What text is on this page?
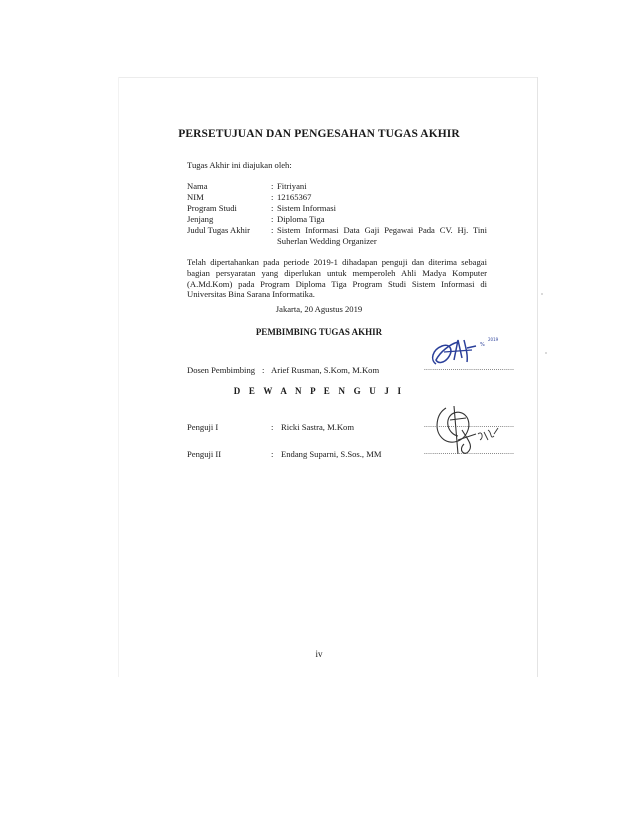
PERSETUJUAN DAN PENGESAHAN TUGAS AKHIR
Tugas Akhir ini diajukan oleh:
Nama	: Fitriyani
NIM	: 12165367
Program Studi	: Sistem Informasi
Jenjang	: Diploma Tiga
Judul Tugas Akhir : Sistem Informasi Data Gaji Pegawai Pada CV. Hj. Tini
Suherlan Wedding Organizer
Telah dipertahankan pada periode 2019-1 dihadapan penguji dan diterima sebagai
bagian persyaratan yang diperlukan untuk memperoleh Ahli Madya Komputer
(A.Md.Kom) pada Program Diploma Tiga Program Studi Sistem Informasi di
Universitas Bina Sarana Informatika.
Jakarta, 20 Agustus 2019
PEMBIMBING TUGAS AKHIR
Dosen Pembimbing : Arief Rusman, S.Kom, M.Kom	............................................
%
2019
D E W A N P E N G U J I
Penguji I	: Ricki Sastra, M.Kom	............................................
Penguji II	: Endang Suparni, S.Sos., MM	............................................
iv
